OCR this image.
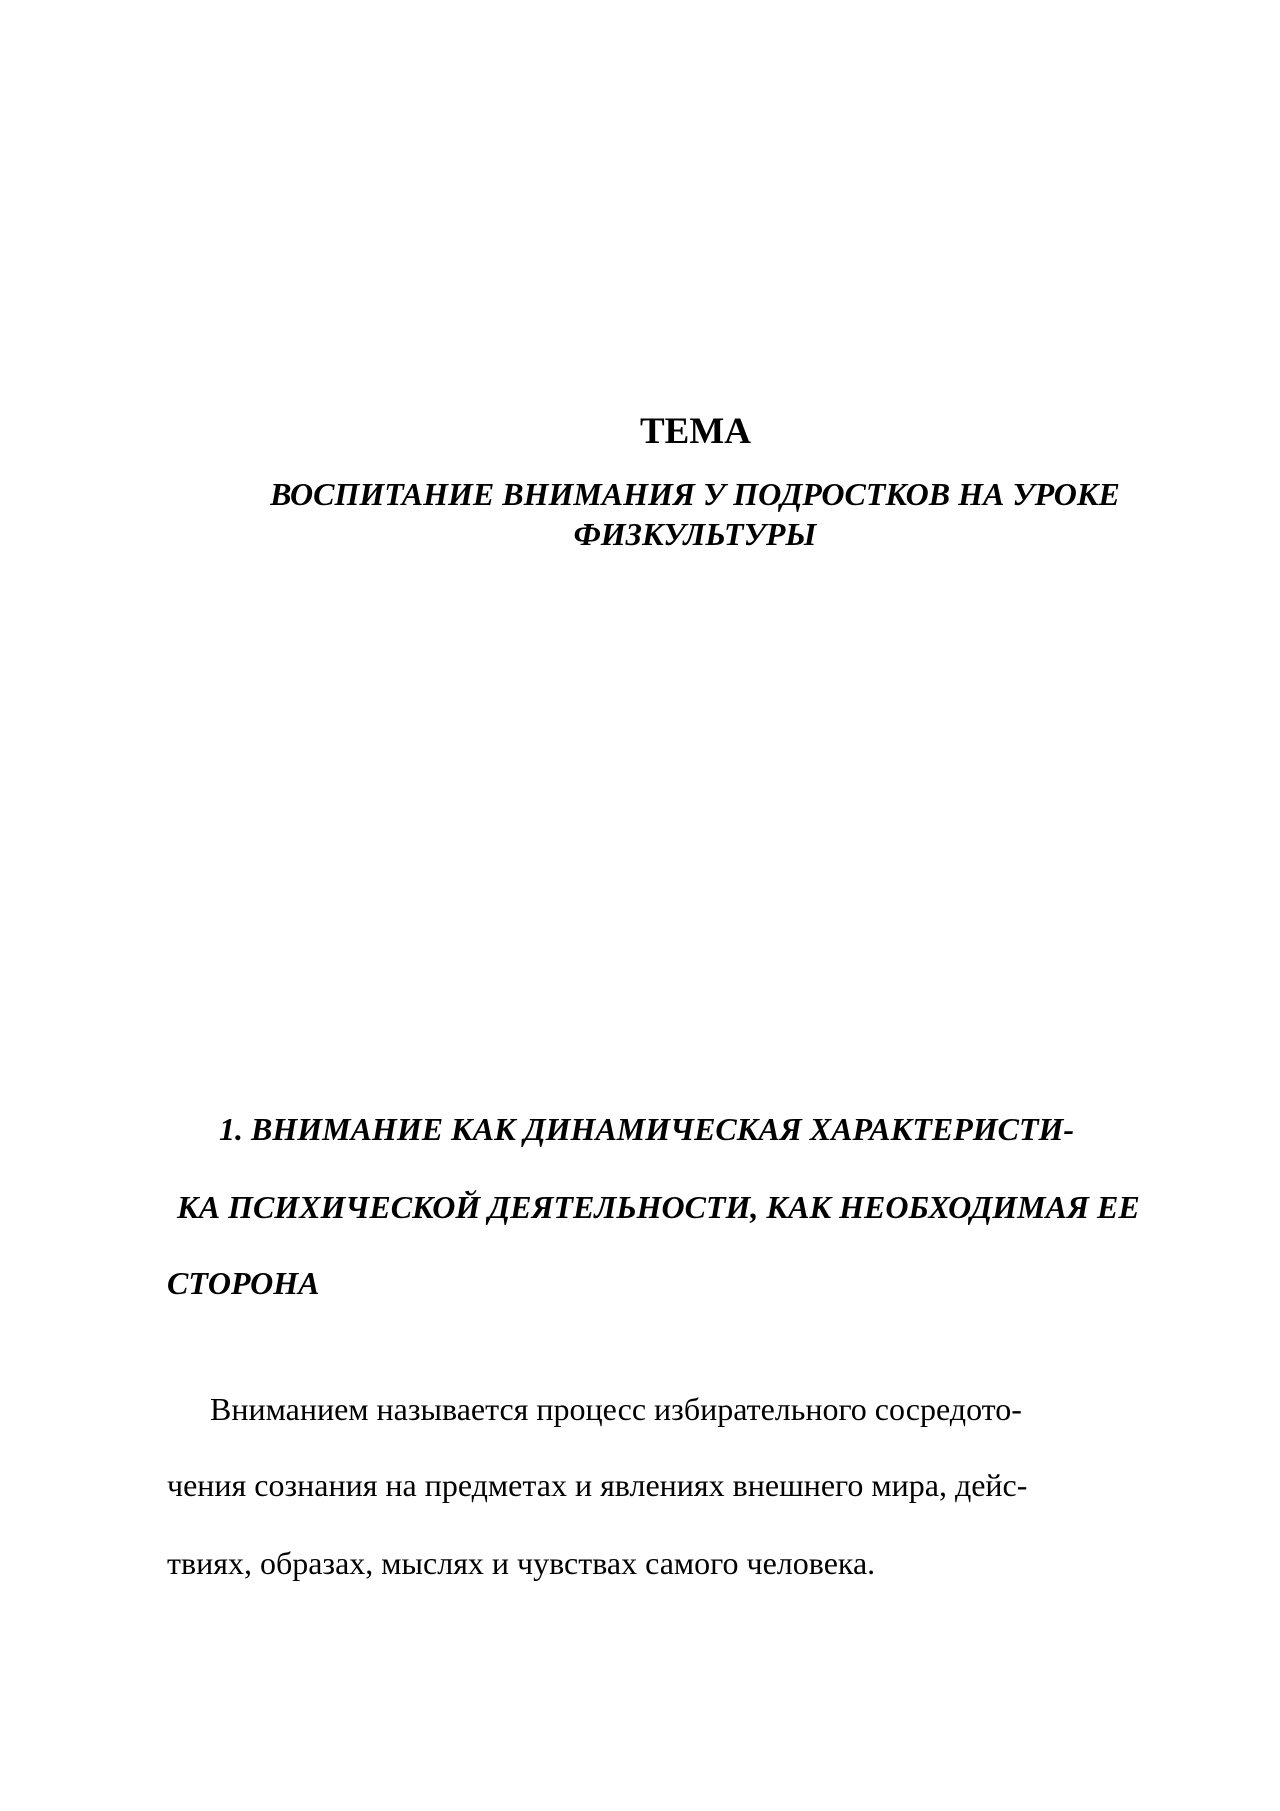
ТЕМА

ВОСПИТАНИЕ ВНИМАНИЯ У ПОДРОСТКОВ НА УРОКЕ

ФИЗКУЛЬТУРЫ

1. ВНИМАНИЕ КАК ДИНАМИЧЕСКАЯ ХАРАКТЕРИСТИ-

КА ПСИХИЧЕСКОЙ ДЕЯТЕЛЬНОСТИ, КАК НЕОБХОДИМАЯ ЕЕ

СТОРОНА

Вниманием называется процесс избирательного сосредото-

чения сознания на предметах и явлениях внешнего мира, дейс-

твиях, образах, мыслях и чувствах самого человека.
